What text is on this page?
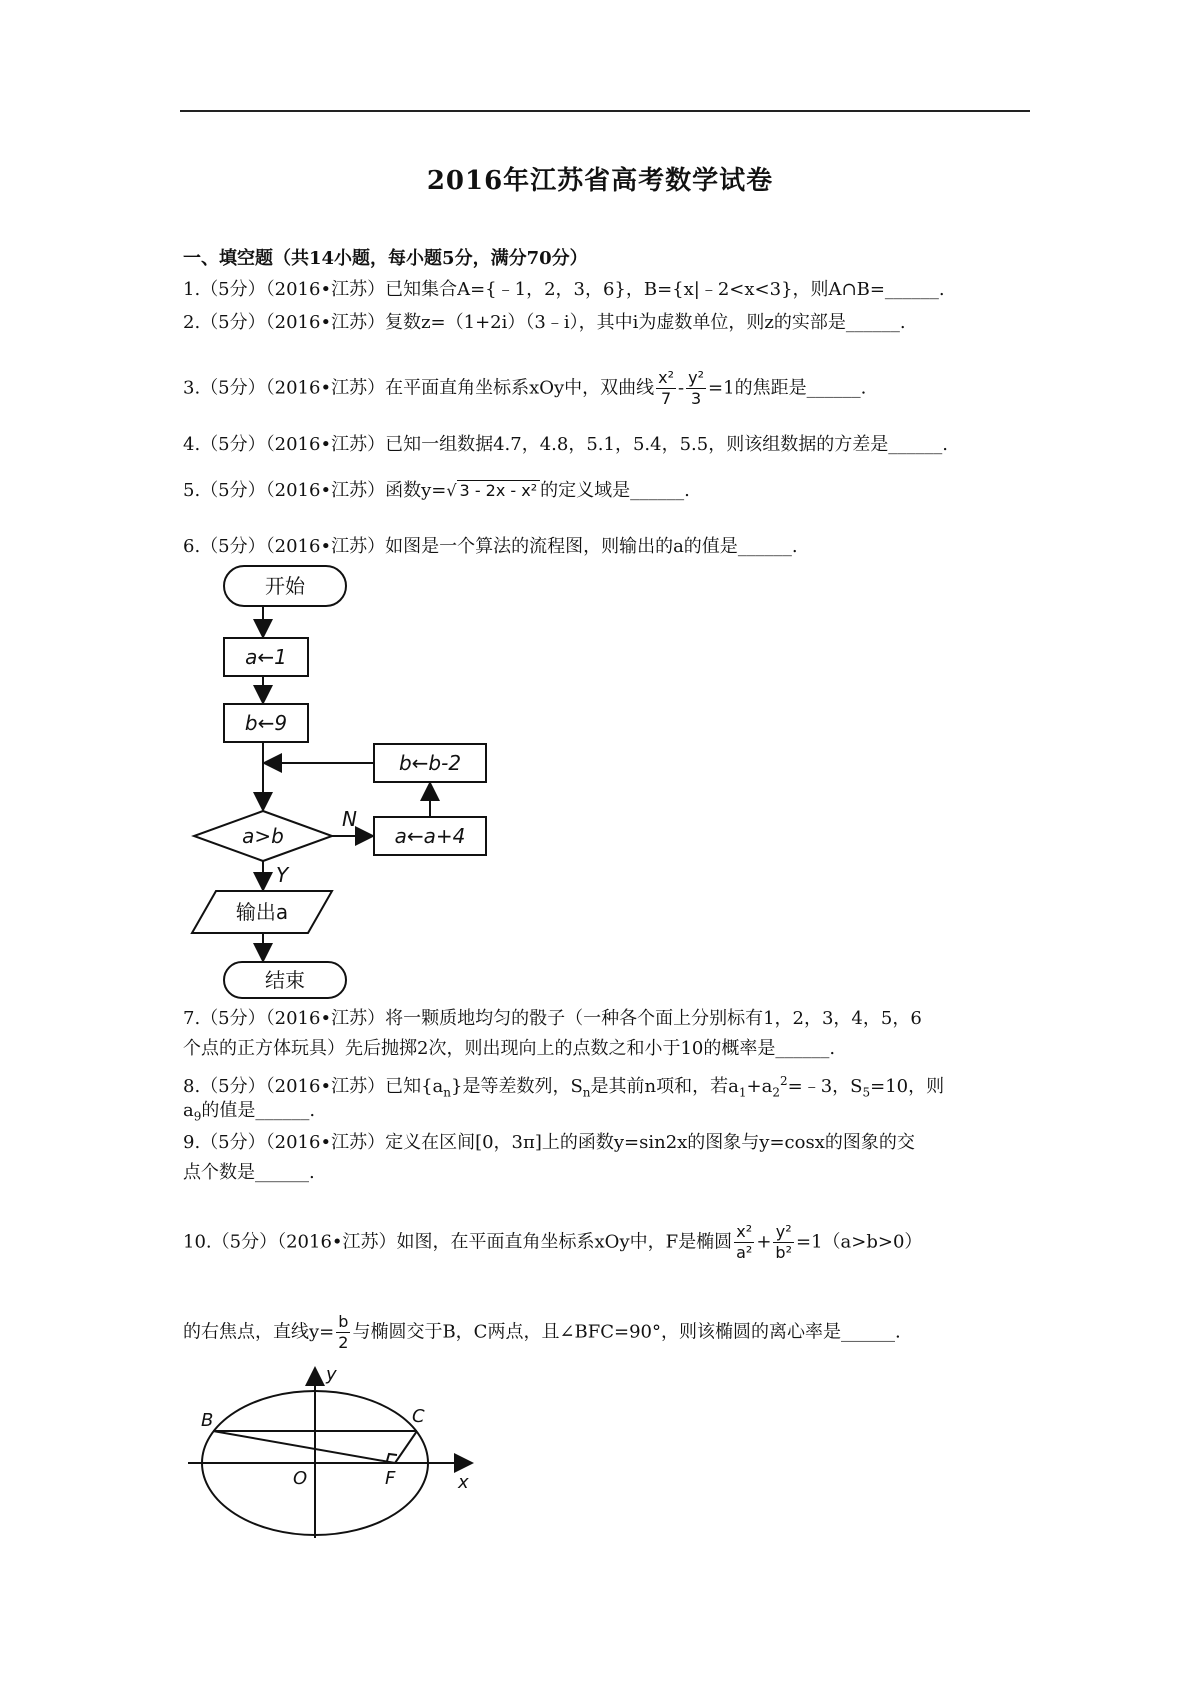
2016年江苏省高考数学试卷
一、填空题（共14小题，每小题5分，满分70分）
1.（5分）（2016•江苏）已知集合A={﹣1，2，3，6}，B={x|﹣2<x<3}，则A∩B=______.
2.（5分）（2016•江苏）复数z=（1+2i）（3﹣i），其中i为虚数单位，则z的实部是______.
3.（5分）（2016•江苏）在平面直角坐标系xOy中，双曲线 $\frac{\text{x²}}{7} - \frac{\text{y²}}{3} =1$的焦距是______.
4.（5分）（2016•江苏）已知一组数据4.7，4.8，5.1，5.4，5.5，则该组数据的方差是______.
5.（5分）（2016•江苏）函数y=√ 3 - 2x - x² 的定义域是______.
6.（5分）（2016•江苏）如图是一个算法的流程图，则输出的a的值是______.
开始
a←1
b←9
b←b-2
a>b
N
a←a+4
Y
输出a
结束
7.（5分）（2016•江苏）将一颗质地均匀的骰子（一种各个面上分别标有1，2，3，4，5，6
个点的正方体玩具）先后抛掷2次，则出现向上的点数之和小于10的概率是______.
8.（5分）（2016•江苏）已知$\{a_n\}$是等差数列，$S_n$是其前n项和，若$a_1+a_2^2=﹣3$，$S_5=10$，则
$a_9$的值是______.
9.（5分）（2016•江苏）定义在区间[0，3π]上的函数y=sin2x的图象与y=cosx的图象的交
点个数是______.
10.（5分）（2016•江苏）如图，在平面直角坐标系xOy中，F是椭圆 $\frac{\text{x²}}{\text{a²}} + \frac{\text{y²}}{\text{b²}} =1(a>b>0)$
的右焦点，直线$y= \frac{b}{2}$ 与椭圆交于B，C两点，且∠BFC=90°，则该椭圆的离心率是______.
B	C
O	F	x
y
